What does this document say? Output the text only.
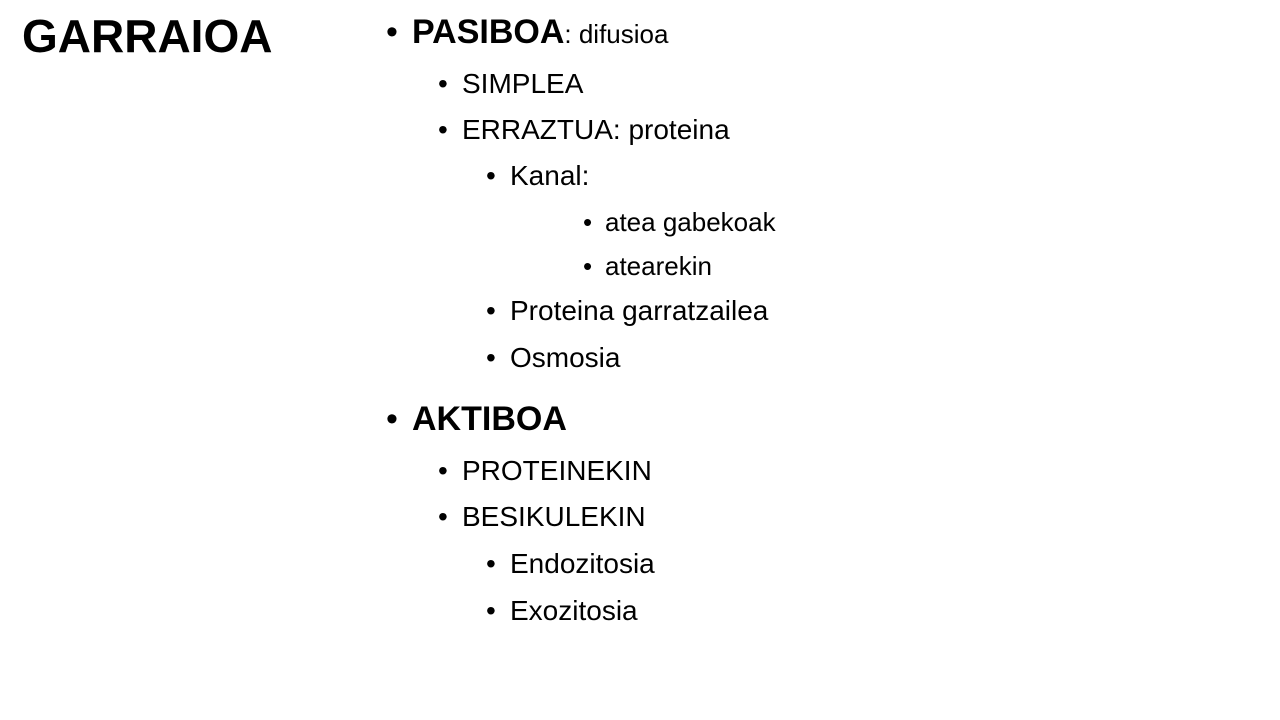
GARRAIOA	• PASIBOA: difusioa
• SIMPLEA
• ERRAZTUA: proteina
• Kanal:
• atea gabekoak
• atearekin
• Proteina garratzailea
• Osmosia
• AKTIBOA
• PROTEINEKIN
• BESIKULEKIN
• Endozitosia
• Exozitosia
